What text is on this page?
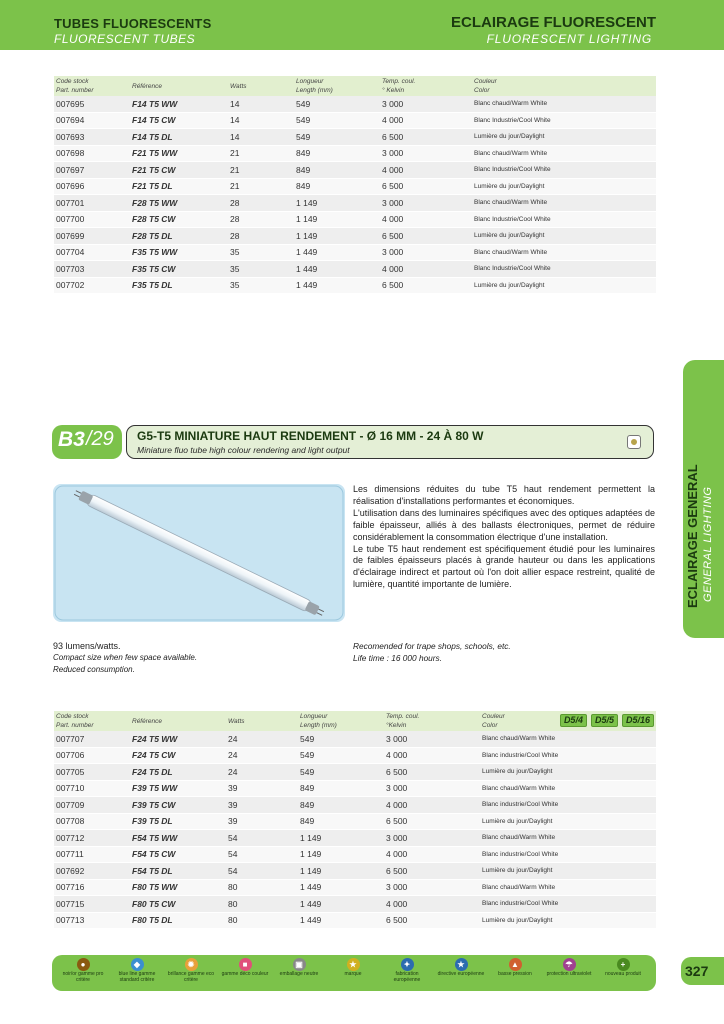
TUBES FLUORESCENTS
FLUORESCENT TUBES
ECLAIRAGE FLUORESCENT
FLUORESCENT LIGHTING
Code stock
Part. number	Référence	Watts	Longueur
Length (mm)	Temp. coul.
° Kelvin	Couleur
Color
007695	F14 T5 WW	14	549	3 000	Blanc chaud/Warm White
007694	F14 T5 CW	14	549	4 000	Blanc Industrie/Cool White
007693	F14 T5 DL	14	549	6 500	Lumière du jour/Daylight
007698	F21 T5 WW	21	849	3 000	Blanc chaud/Warm White
007697	F21 T5 CW	21	849	4 000	Blanc Industrie/Cool White
007696	F21 T5 DL	21	849	6 500	Lumière du jour/Daylight
007701	F28 T5 WW	28	1 149	3 000	Blanc chaud/Warm White
007700	F28 T5 CW	28	1 149	4 000	Blanc Industrie/Cool White
007699	F28 T5 DL	28	1 149	6 500	Lumière du jour/Daylight
007704	F35 T5 WW	35	1 449	3 000	Blanc chaud/Warm White
007703	F35 T5 CW	35	1 449	4 000	Blanc Industrie/Cool White
007702	F35 T5 DL	35	1 449	6 500	Lumière du jour/Daylight
ECLAIRAGE GENERAL GENERAL LIGHTING
B3 /29 G5-T5 MINIATURE HAUT RENDEMENT - Ø 16 MM - 24 À 80 W
Miniature fluo tube high colour rendering and light output

Les dimensions réduites du tube T5 haut rendement permettent la réalisation d'installations performantes et économiques.

L'utilisation dans des luminaires spécifiques avec des optiques adaptées de faible épaisseur, alliés à des ballasts électroniques, permet de réduire considérablement la consommation électrique d'une installation.

Le tube T5 haut rendement est spécifiquement étudié pour les luminaires de faibles épaisseurs placés à grande hauteur ou dans les applications d'éclairage indirect et partout où l'on doit allier espace restreint, qualité de lumière, quantité importante de lumière.

93 lumens/watts.
Compact size when few space available.
Reduced consumption.
Recomended for trape shops, schools, etc.
Life time : 16 000 hours.
Code stock
Part. number	Référence	Watts	Longueur
Length (mm)	Temp. coul.
°Kelvin	Couleur
Color
D5/4 D5/5 D5/16

007707	F24 T5 WW	24	549	3 000	Blanc chaud/Warm White
007706	F24 T5 CW	24	549	4 000	Blanc industrie/Cool White
007705	F24 T5 DL	24	549	6 500	Lumière du jour/Daylight
007710	F39 T5 WW	39	849	3 000	Blanc chaud/Warm White
007709	F39 T5 CW	39	849	4 000	Blanc industrie/Cool White
007708	F39 T5 DL	39	849	6 500	Lumière du jour/Daylight
007712	F54 T5 WW	54	1 149	3 000	Blanc chaud/Warm White
007711	F54 T5 CW	54	1 149	4 000	Blanc industrie/Cool White
007692	F54 T5 DL	54	1 149	6 500	Lumière du jour/Daylight
007716	F80 T5 WW	80	1 449	3 000	Blanc chaud/Warm White
007715	F80 T5 CW	80	1 449	4 000	Blanc industrie/Cool White
007713	F80 T5 DL	80	1 449	6 500	Lumière du jour/Daylight
●
noir/or gamme pro critère
◆
blue line gamme standard critère
✹
brillance gamme eco critère
■
gamme déco couleur
▣
emballage neutre
★
marque
✦
fabrication européenne
★
directive européenne
▲
basse pression
☂
protection ultraviolet
+
nouveau produit	327
